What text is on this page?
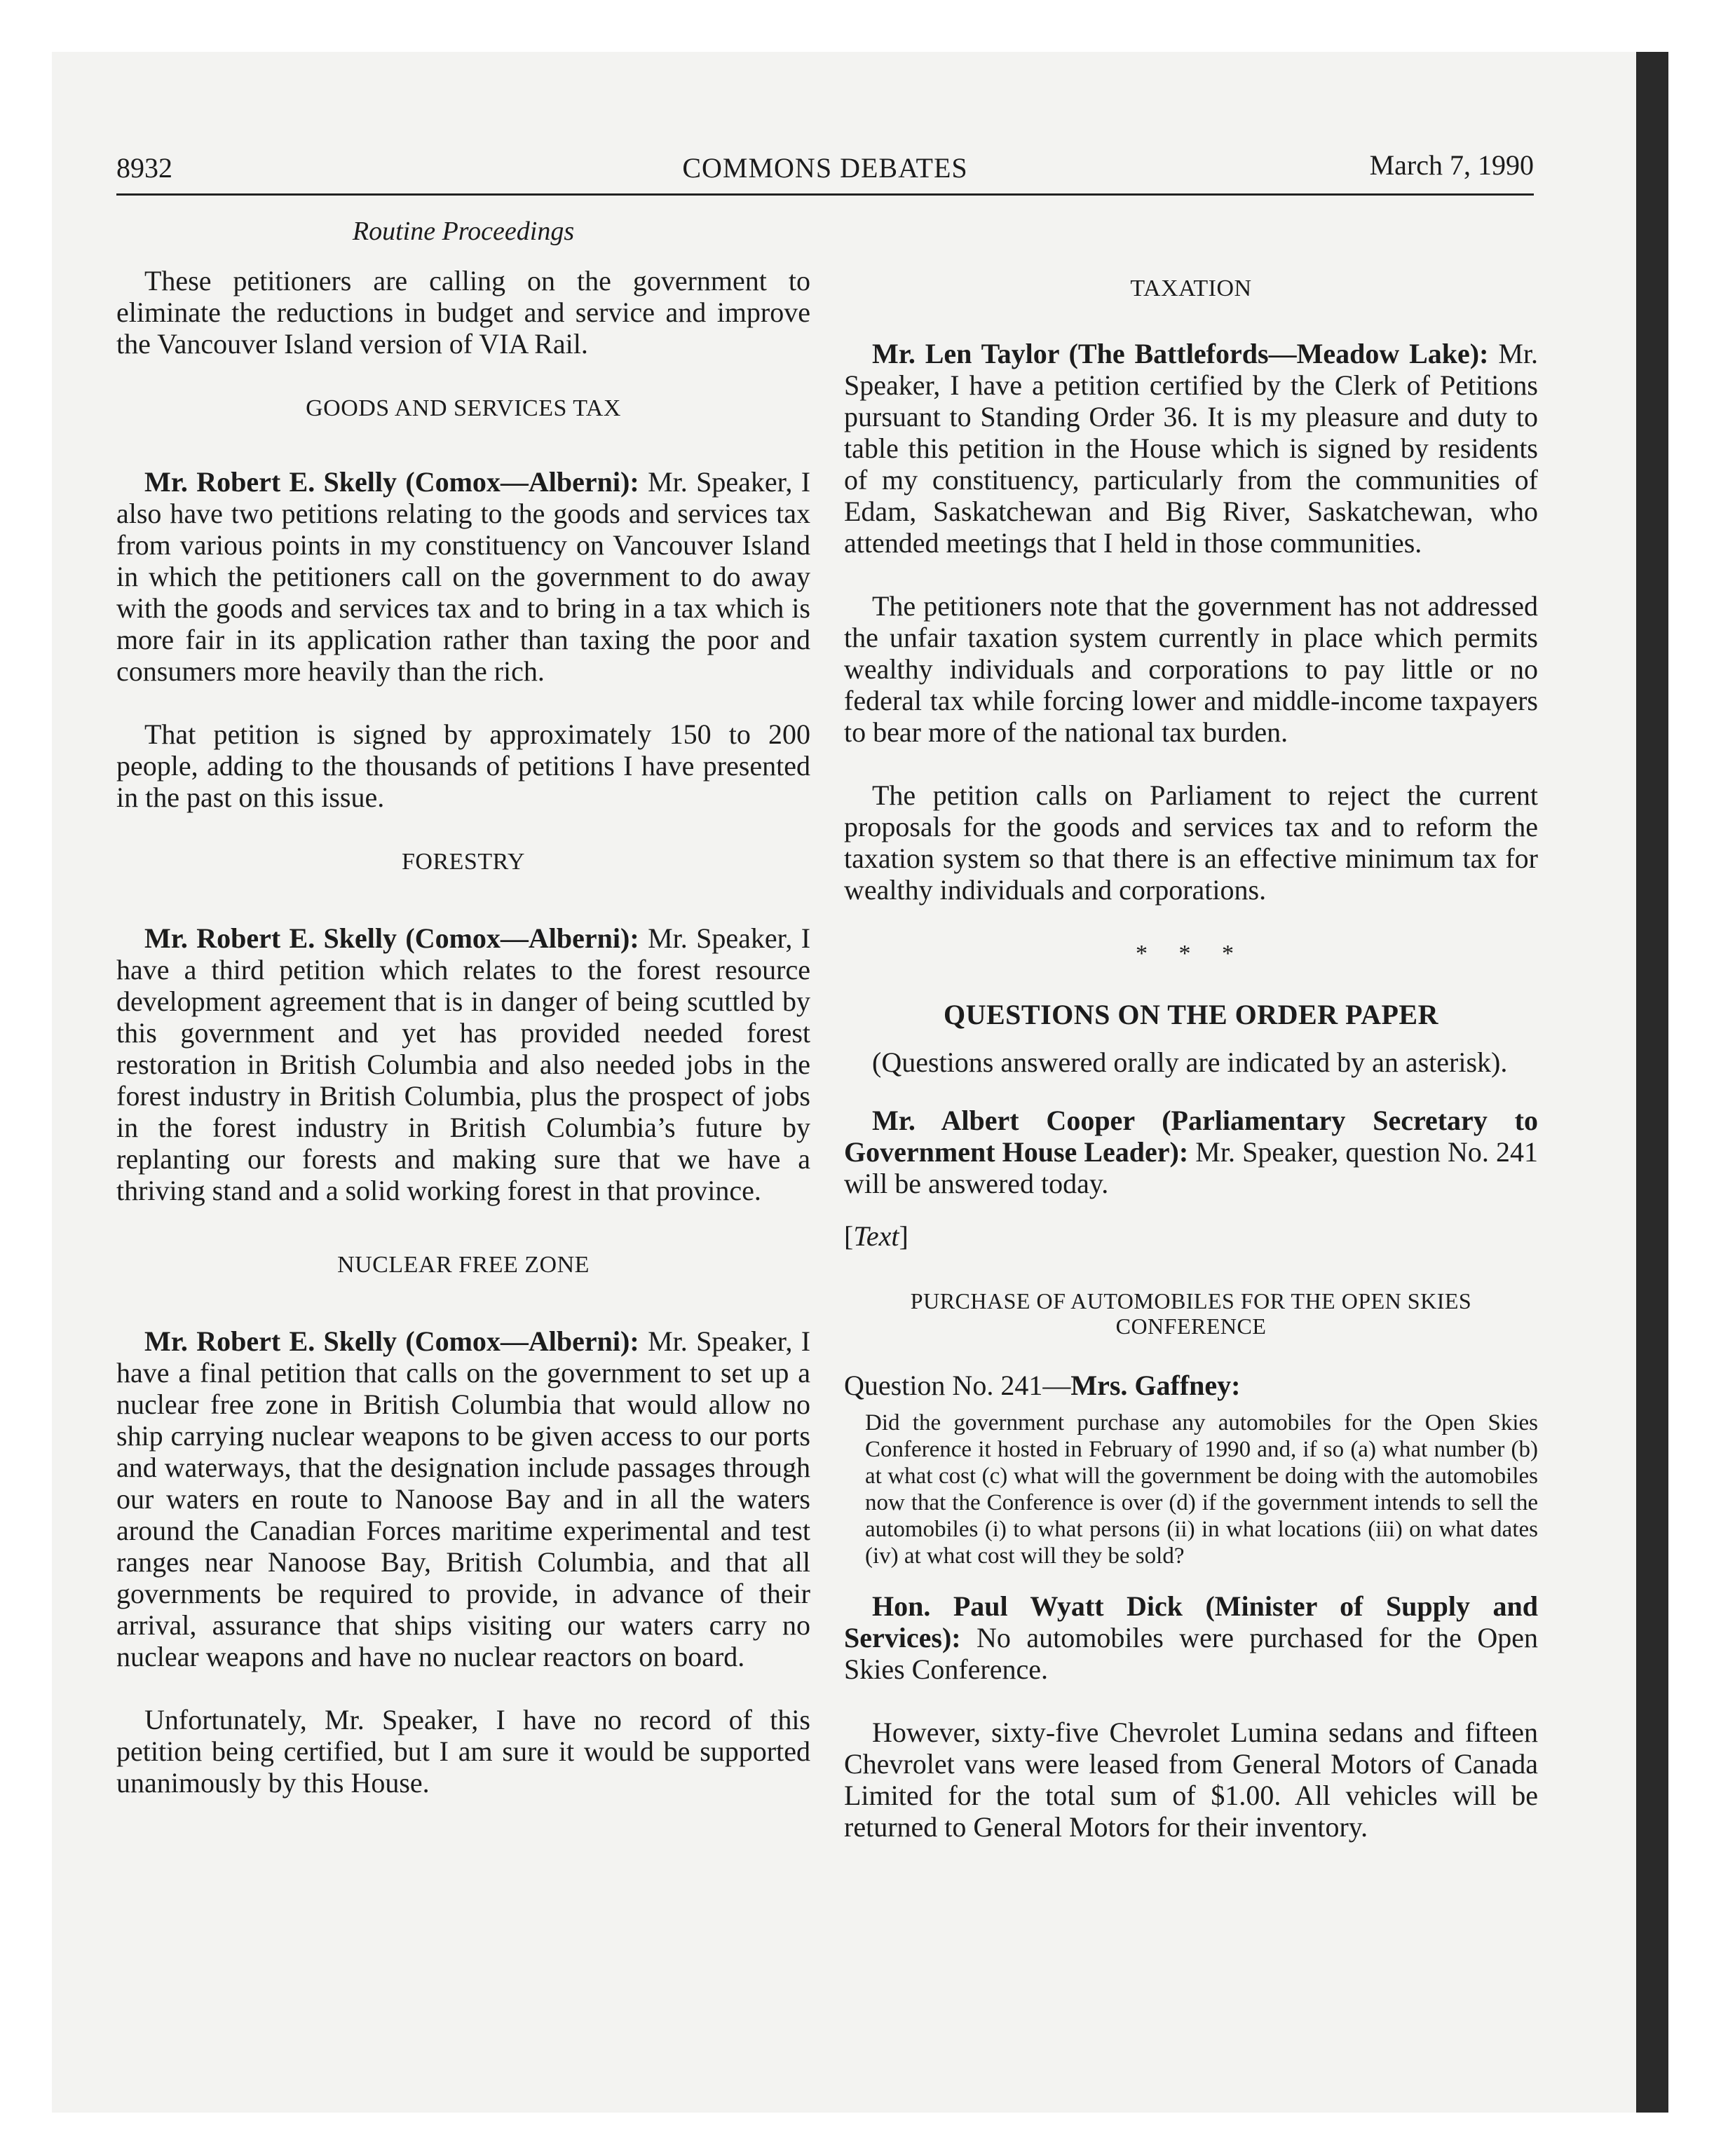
8932	COMMONS DEBATES	March 7, 1990

Routine Proceedings

These petitioners are calling on the government to eliminate the reductions in budget and service and improve the Vancouver Island version of VIA Rail.

GOODS AND SERVICES TAX

Mr. Robert E. Skelly (Comox—Alberni): Mr. Speaker, I also have two petitions relating to the goods and services tax from various points in my constituency on Vancouver Island in which the petitioners call on the government to do away with the goods and services tax and to bring in a tax which is more fair in its application rather than taxing the poor and consumers more heavily than the rich.

That petition is signed by approximately 150 to 200 people, adding to the thousands of petitions I have presented in the past on this issue.

FORESTRY

Mr. Robert E. Skelly (Comox—Alberni): Mr. Speaker, I have a third petition which relates to the forest resource development agreement that is in danger of being scuttled by this government and yet has provided needed forest restoration in British Columbia and also needed jobs in the forest industry in British Columbia, plus the prospect of jobs in the forest industry in British Columbia’s future by replanting our forests and making sure that we have a thriving stand and a solid working forest in that province.

NUCLEAR FREE ZONE

Mr. Robert E. Skelly (Comox—Alberni): Mr. Speaker, I have a final petition that calls on the government to set up a nuclear free zone in British Columbia that would allow no ship carrying nuclear weapons to be given access to our ports and waterways, that the designation include passages through our waters en route to Nanoose Bay and in all the waters around the Canadian Forces maritime experimental and test ranges near Nanoose Bay, British Columbia, and that all governments be required to provide, in advance of their arrival, assurance that ships visiting our waters carry no nuclear weapons and have no nuclear reactors on board.

Unfortunately, Mr. Speaker, I have no record of this petition being certified, but I am sure it would be supported unanimously by this House.

TAXATION

Mr. Len Taylor (The Battlefords—Meadow Lake): Mr. Speaker, I have a petition certified by the Clerk of Petitions pursuant to Standing Order 36. It is my pleasure and duty to table this petition in the House which is signed by residents of my constituency, particularly from the communities of Edam, Saskatchewan and Big River, Saskatchewan, who attended meetings that I held in those communities.

The petitioners note that the government has not addressed the unfair taxation system currently in place which permits wealthy individuals and corporations to pay little or no federal tax while forcing lower and middle-income taxpayers to bear more of the national tax burden.

The petition calls on Parliament to reject the current proposals for the goods and services tax and to reform the taxation system so that there is an effective minimum tax for wealthy individuals and corporations.

* * *

QUESTIONS ON THE ORDER PAPER

(Questions answered orally are indicated by an asterisk).

Mr. Albert Cooper (Parliamentary Secretary to Government House Leader): Mr. Speaker, question No. 241 will be answered today.

[Text]

PURCHASE OF AUTOMOBILES FOR THE OPEN SKIES CONFERENCE

Question No. 241—Mrs. Gaffney:

Did the government purchase any automobiles for the Open Skies Conference it hosted in February of 1990 and, if so (a) what number (b) at what cost (c) what will the government be doing with the automobiles now that the Conference is over (d) if the government intends to sell the automobiles (i) to what persons (ii) in what locations (iii) on what dates (iv) at what cost will they be sold?

Hon. Paul Wyatt Dick (Minister of Supply and Services): No automobiles were purchased for the Open Skies Conference.

However, sixty-five Chevrolet Lumina sedans and fifteen Chevrolet vans were leased from General Motors of Canada Limited for the total sum of $1.00. All vehicles will be returned to General Motors for their inventory.
